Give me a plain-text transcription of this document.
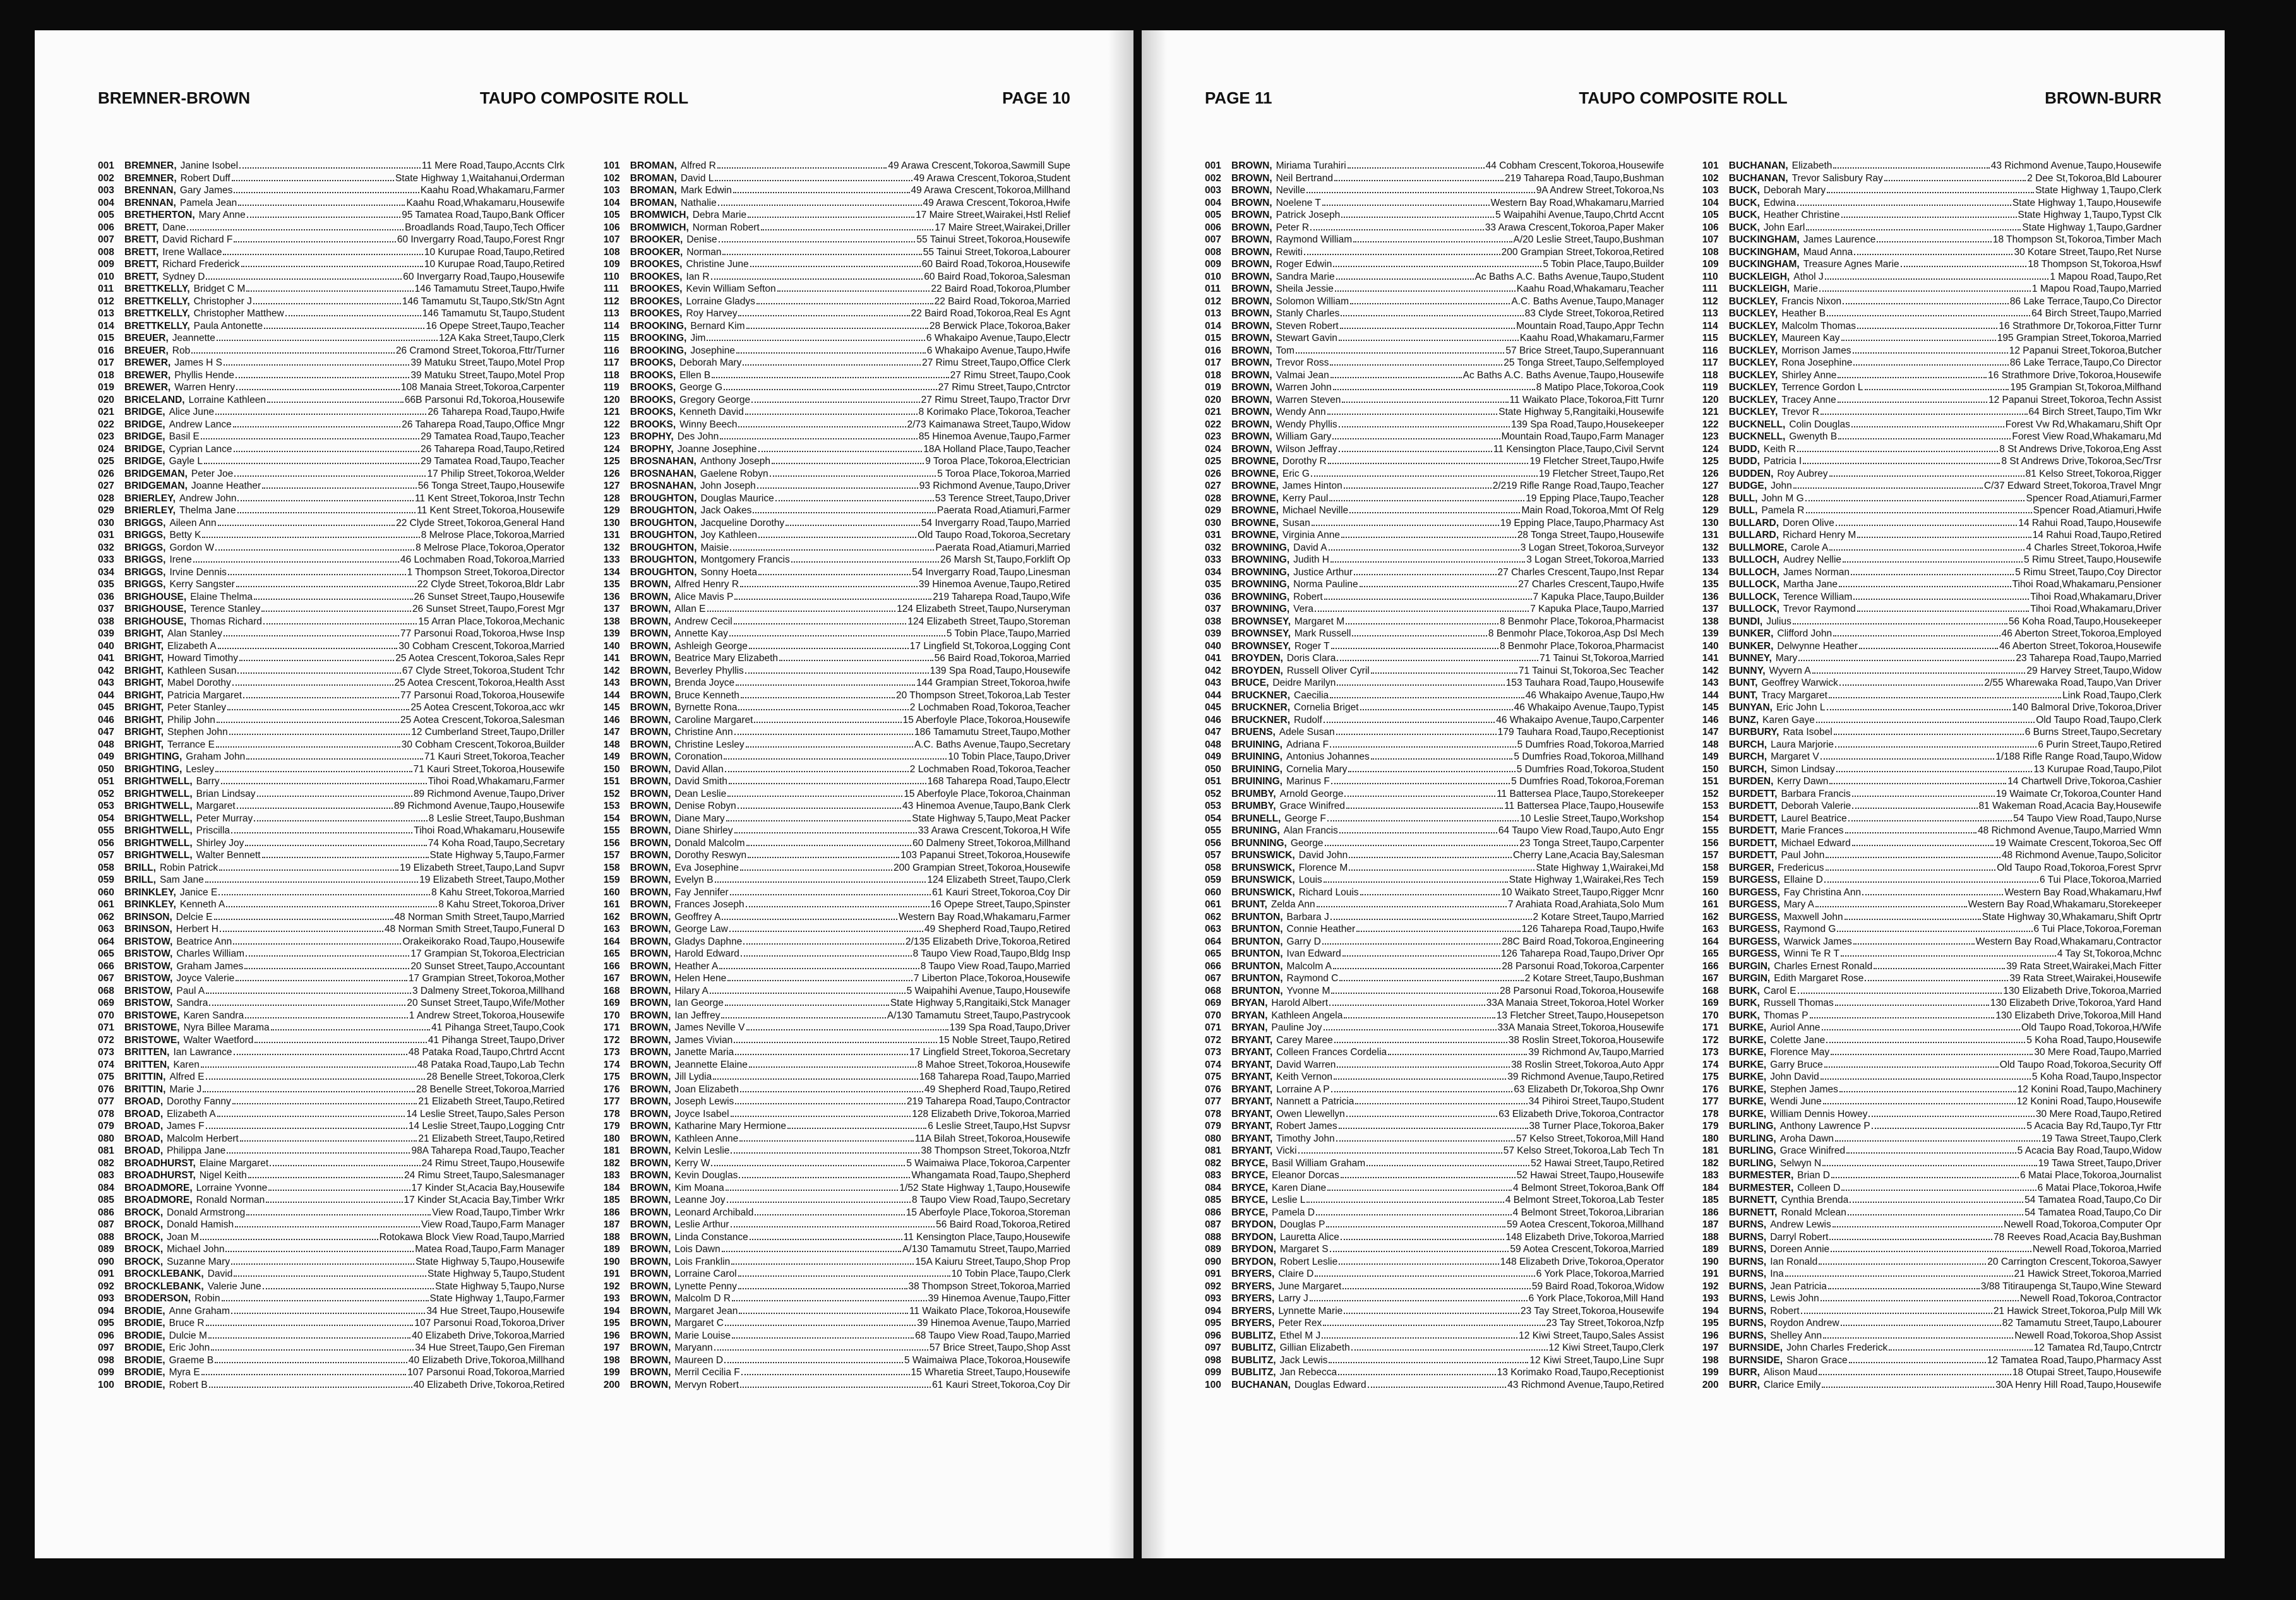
BREMNER-BROWN	TAUPO COMPOSITE ROLL	PAGE 10
001	BREMNER, Janine Isobel	11 Mere Road,Taupo,Accnts Clrk
002	BREMNER, Robert Duff	State Highway 1,Waitahanui,Orderman
003	BRENNAN, Gary James	Kaahu Road,Whakamaru,Farmer
004	BRENNAN, Pamela Jean	Kaahu Road,Whakamaru,Housewife
005	BRETHERTON, Mary Anne	95 Tamatea Road,Taupo,Bank Officer
006	BRETT, Dane	Broadlands Road,Taupo,Tech Officer
007	BRETT, David Richard F	60 Invergarry Road,Taupo,Forest Rngr
008	BRETT, Irene Wallace	10 Kurupae Road,Taupo,Retired
009	BRETT, Richard Frederick	10 Kurupae Road,Taupo,Retired
010	BRETT, Sydney D	60 Invergarry Road,Taupo,Housewife
011	BRETTKELLY, Bridget C M	146 Tamamutu Street,Taupo,Hwife
012	BRETTKELLY, Christopher J	146 Tamamutu St,Taupo,Stk/Stn Agnt
013	BRETTKELLY, Christopher Matthew	146 Tamamutu St,Taupo,Student
014	BRETTKELLY, Paula Antonette	16 Opepe Street,Taupo,Teacher
015	BREUER, Jeannette	12A Kaka Street,Taupo,Clerk
016	BREUER, Rob	26 Cramond Street,Tokoroa,Fttr/Turner
017	BREWER, James H S	39 Matuku Street,Taupo,Motel Prop
018	BREWER, Phyllis Hende	39 Matuku Street,Taupo,Motel Prop
019	BREWER, Warren Henry	108 Manaia Street,Tokoroa,Carpenter
020	BRICELAND, Lorraine Kathleen	66B Parsonui Rd,Tokoroa,Housewife
021	BRIDGE, Alice June	26 Taharepa Road,Taupo,Hwife
022	BRIDGE, Andrew Lance	26 Taharepa Road,Taupo,Office Mngr
023	BRIDGE, Basil E	29 Tamatea Road,Taupo,Teacher
024	BRIDGE, Cyprian Lance	26 Taharepa Road,Taupo,Retired
025	BRIDGE, Gayle L	29 Tamatea Road,Taupo,Teacher
026	BRIDGEMAN, Peter Joe	17 Philip Street,Tokoroa,Welder
027	BRIDGEMAN, Joanne Heather	56 Tonga Street,Taupo,Housewife
028	BRIERLEY, Andrew John	11 Kent Street,Tokoroa,Instr Techn
029	BRIERLEY, Thelma Jane	11 Kent Street,Tokoroa,Housewife
030	BRIGGS, Aileen Ann	22 Clyde Street,Tokoroa,General Hand
031	BRIGGS, Betty K	8 Melrose Place,Tokoroa,Married
032	BRIGGS, Gordon W	8 Melrose Place,Tokoroa,Operator
033	BRIGGS, Irene	46 Lochmaben Road,Tokoroa,Married
034	BRIGGS, Irvine Dennis	1 Thompson Street,Tokoroa,Director
035	BRIGGS, Kerry Sangster	22 Clyde Street,Tokoroa,Bldr Labr
036	BRIGHOUSE, Elaine Thelma	26 Sunset Street,Taupo,Housewife
037	BRIGHOUSE, Terence Stanley	26 Sunset Street,Taupo,Forest Mgr
038	BRIGHOUSE, Thomas Richard	15 Arran Place,Tokoroa,Mechanic
039	BRIGHT, Alan Stanley	77 Parsonui Road,Tokoroa,Hwse Insp
040	BRIGHT, Elizabeth A	30 Cobham Crescent,Tokoroa,Married
041	BRIGHT, Howard Timothy	25 Aotea Crescent,Tokoroa,Sales Repr
042	BRIGHT, Kathleen Susan	67 Clyde Street,Tokoroa,Student Tchr
043	BRIGHT, Mabel Dorothy	25 Aotea Crescent,Tokoroa,Health Asst
044	BRIGHT, Patricia Margaret	77 Parsonui Road,Tokoroa,Housewife
045	BRIGHT, Peter Stanley	25 Aotea Crescent,Tokoroa,acc wkr
046	BRIGHT, Philip John	25 Aotea Crescent,Tokoroa,Salesman
047	BRIGHT, Stephen John	12 Cumberland Street,Taupo,Driller
048	BRIGHT, Terrance E	30 Cobham Crescent,Tokoroa,Builder
049	BRIGHTING, Graham John	71 Kauri Street,Tokoroa,Teacher
050	BRIGHTING, Lesley	71 Kauri Street,Tokoroa,Housewife
051	BRIGHTWELL, Barry	Tihoi Road,Whakamaru,Farmer
052	BRIGHTWELL, Brian Lindsay	89 Richmond Avenue,Taupo,Driver
053	BRIGHTWELL, Margaret	89 Richmond Avenue,Taupo,Housewife
054	BRIGHTWELL, Peter Murray	8 Leslie Street,Taupo,Bushman
055	BRIGHTWELL, Priscilla	Tihoi Road,Whakamaru,Housewife
056	BRIGHTWELL, Shirley Joy	74 Koha Road,Taupo,Secretary
057	BRIGHTWELL, Walter Bennett	State Highway 5,Taupo,Farmer
058	BRILL, Robin Patrick	19 Elizabeth Street,Taupo,Land Supvr
059	BRILL, Sam Jane	19 Elizabeth Street,Taupo,Mother
060	BRINKLEY, Janice E	8 Kahu Street,Tokoroa,Married
061	BRINKLEY, Kenneth A	8 Kahu Street,Tokoroa,Driver
062	BRINSON, Delcie E	48 Norman Smith Street,Taupo,Married
063	BRINSON, Herbert H	48 Norman Smith Street,Taupo,Funeral D
064	BRISTOW, Beatrice Ann	Orakeikorako Road,Taupo,Housewife
065	BRISTOW, Charles William	17 Grampian St,Tokoroa,Electrician
066	BRISTOW, Graham James	20 Sunset Street,Taupo,Accountant
067	BRISTOW, Joyce Valerie	17 Grampian Street,Tokoroa,Mother
068	BRISTOW, Paul A	3 Dalmeny Street,Tokoroa,Millhand
069	BRISTOW, Sandra	20 Sunset Street,Taupo,Wife/Mother
070	BRISTOWE, Karen Sandra	1 Andrew Street,Tokoroa,Housewife
071	BRISTOWE, Nyra Billee Marama	41 Pihanga Street,Taupo,Cook
072	BRISTOWE, Walter Waetford	41 Pihanga Street,Taupo,Driver
073	BRITTEN, Ian Lawrance	48 Pataka Road,Taupo,Chrtrd Accnt
074	BRITTEN, Karen	48 Pataka Road,Taupo,Lab Techn
075	BRITTIN, Alfred E	28 Benelle Street,Tokoroa,Clerk
076	BRITTIN, Marie J	28 Benelle Street,Tokoroa,Married
077	BROAD, Dorothy Fanny	21 Elizabeth Street,Taupo,Retired
078	BROAD, Elizabeth A	14 Leslie Street,Taupo,Sales Person
079	BROAD, James F	14 Leslie Street,Taupo,Logging Cntr
080	BROAD, Malcolm Herbert	21 Elizabeth Street,Taupo,Retired
081	BROAD, Philippa Jane	98A Taharepa Road,Taupo,Teacher
082	BROADHURST, Elaine Margaret	24 Rimu Street,Taupo,Housewife
083	BROADHURST, Nigel Keith	24 Rimu Street,Taupo,Salesmanager
084	BROADMORE, Lorraine Yvonne	17 Kinder St,Acacia Bay,Housewife
085	BROADMORE, Ronald Norman	17 Kinder St,Acacia Bay,Timber Wrkr
086	BROCK, Donald Armstrong	View Road,Taupo,Timber Wrkr
087	BROCK, Donald Hamish	View Road,Taupo,Farm Manager
088	BROCK, Joan M	Rotokawa Block View Road,Taupo,Married
089	BROCK, Michael John	Matea Road,Taupo,Farm Manager
090	BROCK, Suzanne Mary	State Highway 5,Taupo,Housewife
091	BROCKLEBANK, David	State Highway 5,Taupo,Student
092	BROCKLEBANK, Valerie June	State Highway 5,Taupo,Nurse
093	BRODERSON, Robin	State Highway 1,Taupo,Farmer
094	BRODIE, Anne Graham	34 Hue Street,Taupo,Housewife
095	BRODIE, Bruce R	107 Parsonui Road,Tokoroa,Driver
096	BRODIE, Dulcie M	40 Elizabeth Drive,Tokoroa,Married
097	BRODIE, Eric John	34 Hue Street,Taupo,Gen Fireman
098	BRODIE, Graeme B	40 Elizabeth Drive,Tokoroa,Millhand
099	BRODIE, Myra E	107 Parsonui Road,Tokoroa,Married
100	BRODIE, Robert B	40 Elizabeth Drive,Tokoroa,Retired
101	BROMAN, Alfred R	49 Arawa Crescent,Tokoroa,Sawmill Supe
102	BROMAN, David L	49 Arawa Crescent,Tokoroa,Student
103	BROMAN, Mark Edwin	49 Arawa Crescent,Tokoroa,Millhand
104	BROMAN, Nathalie	49 Arawa Crescent,Tokoroa,Hwife
105	BROMWICH, Debra Marie	17 Maire Street,Wairakei,Hstl Relief
106	BROMWICH, Norman Robert	17 Maire Street,Wairakei,Driller
107	BROOKER, Denise	55 Tainui Street,Tokoroa,Housewife
108	BROOKER, Norman	55 Tainui Street,Tokoroa,Labourer
109	BROOKES, Christine June	60 Baird Road,Tokoroa,Housewife
110	BROOKES, Ian R	60 Baird Road,Tokoroa,Salesman
111	BROOKES, Kevin William Sefton	22 Baird Road,Tokoroa,Plumber
112	BROOKES, Lorraine Gladys	22 Baird Road,Tokoroa,Married
113	BROOKES, Roy Harvey	22 Baird Road,Tokoroa,Real Es Agnt
114	BROOKING, Bernard Kim	28 Berwick Place,Tokoroa,Baker
115	BROOKING, Jim	6 Whakaipo Avenue,Taupo,Electr
116	BROOKING, Josephine	6 Whakaipo Avenue,Taupo,Hwife
117	BROOKS, Deborah Mary	27 Rimu Street,Taupo,Office Clerk
118	BROOKS, Ellen B	27 Rimu Street,Taupo,Cook
119	BROOKS, George G	27 Rimu Street,Taupo,Cntrctor
120	BROOKS, Gregory George	27 Rimu Street,Taupo,Tractor Drvr
121	BROOKS, Kenneth David	8 Korimako Place,Tokoroa,Teacher
122	BROOKS, Winny Beech	2/73 Kaimanawa Street,Taupo,Widow
123	BROPHY, Des John	85 Hinemoa Avenue,Taupo,Farmer
124	BROPHY, Joanne Josephine	18A Holland Place,Taupo,Teacher
125	BROSNAHAN, Anthony Joseph	9 Toroa Place,Tokoroa,Electrician
126	BROSNAHAN, Gaelene Robyn	5 Toroa Place,Tokoroa,Married
127	BROSNAHAN, John Joseph	93 Richmond Avenue,Taupo,Driver
128	BROUGHTON, Douglas Maurice	53 Terence Street,Taupo,Driver
129	BROUGHTON, Jack Oakes	Paerata Road,Atiamuri,Farmer
130	BROUGHTON, Jacqueline Dorothy	54 Invergarry Road,Taupo,Married
131	BROUGHTON, Joy Kathleen	Old Taupo Road,Tokoroa,Secretary
132	BROUGHTON, Maisie	Paerata Road,Atiamuri,Married
133	BROUGHTON, Montgomery Francis	26 Marsh St,Taupo,Forklift Op
134	BROUGHTON, Sonny Hoeta	54 Invergarry Road,Taupo,Linesman
135	BROWN, Alfred Henry R	39 Hinemoa Avenue,Taupo,Retired
136	BROWN, Alice Mavis P	219 Taharepa Road,Taupo,Wife
137	BROWN, Allan E	124 Elizabeth Street,Taupo,Nurseryman
138	BROWN, Andrew Cecil	124 Elizabeth Street,Taupo,Storeman
139	BROWN, Annette Kay	5 Tobin Place,Taupo,Married
140	BROWN, Ashleigh George	17 Lingfield St,Tokoroa,Logging Cont
141	BROWN, Beatrice Mary Elizabeth	56 Baird Road,Tokoroa,Married
142	BROWN, Beverley Phyllis	139 Spa Road,Taupo,Housewife
143	BROWN, Brenda Joyce	144 Grampian Street,Tokoroa,hwife
144	BROWN, Bruce Kenneth	20 Thompson Street,Tokoroa,Lab Tester
145	BROWN, Byrnette Rona	2 Lochmaben Road,Tokoroa,Teacher
146	BROWN, Caroline Margaret	15 Aberfoyle Place,Tokoroa,Housewife
147	BROWN, Christine Ann	186 Tamamutu Street,Taupo,Mother
148	BROWN, Christine Lesley	A.C. Baths Avenue,Taupo,Secretary
149	BROWN, Coronation	10 Tobin Place,Taupo,Driver
150	BROWN, David Allan	2 Lochmaben Road,Tokoroa,Teacher
151	BROWN, David Smith	168 Taharepa Road,Taupo,Electr
152	BROWN, Dean Leslie	15 Aberfoyle Place,Tokoroa,Chainman
153	BROWN, Denise Robyn	43 Hinemoa Avenue,Taupo,Bank Clerk
154	BROWN, Diane Mary	State Highway 5,Taupo,Meat Packer
155	BROWN, Diane Shirley	33 Arawa Crescent,Tokoroa,H Wife
156	BROWN, Donald Malcolm	60 Dalmeny Street,Tokoroa,Millhand
157	BROWN, Dorothy Reswyn	103 Papanui Street,Tokoroa,Housewife
158	BROWN, Eva Josephine	200 Grampian Street,Tokoroa,Housewife
159	BROWN, Evelyn B	124 Elizabeth Street,Taupo,Clerk
160	BROWN, Fay Jennifer	61 Kauri Street,Tokoroa,Coy Dir
161	BROWN, Frances Joseph	16 Opepe Street,Taupo,Spinster
162	BROWN, Geoffrey A	Western Bay Road,Whakamaru,Farmer
163	BROWN, George Law	49 Shepherd Road,Taupo,Retired
164	BROWN, Gladys Daphne	2/135 Elizabeth Drive,Tokoroa,Retired
165	BROWN, Harold Edward	8 Taupo View Road,Taupo,Bldg Insp
166	BROWN, Heather A	8 Taupo View Road,Taupo,Married
167	BROWN, Helen Hene	7 Liberton Place,Tokoroa,Housewife
168	BROWN, Hilary A	5 Waipahihi Avenue,Taupo,Housewife
169	BROWN, Ian George	State Highway 5,Rangitaiki,Stck Manager
170	BROWN, Ian Jeffrey	A/130 Tamamutu Street,Taupo,Pastrycook
171	BROWN, James Neville V	139 Spa Road,Taupo,Driver
172	BROWN, James Vivian	15 Noble Street,Taupo,Retired
173	BROWN, Janette Maria	17 Lingfield Street,Tokoroa,Secretary
174	BROWN, Jeannette Elaine	8 Mahoe Street,Tokoroa,Housewife
175	BROWN, Jill Lydia	168 Taharepa Road,Taupo,Married
176	BROWN, Joan Elizabeth	49 Shepherd Road,Taupo,Retired
177	BROWN, Joseph Lewis	219 Taharepa Road,Taupo,Contractor
178	BROWN, Joyce Isabel	128 Elizabeth Drive,Tokoroa,Married
179	BROWN, Katharine Mary Hermione	6 Leslie Street,Taupo,Hst Supvsr
180	BROWN, Kathleen Anne	11A Bilah Street,Tokoroa,Housewife
181	BROWN, Kelvin Leslie	38 Thompson Street,Tokoroa,Ntzfr
182	BROWN, Kerry W	5 Waimaiwa Place,Tokoroa,Carpenter
183	BROWN, Kevin Douglas	Whangamata Road,Taupo,Shepherd
184	BROWN, Kim Moana	1/52 State Highway 1,Taupo,Housewife
185	BROWN, Leanne Joy	8 Taupo View Road,Taupo,Secretary
186	BROWN, Leonard Archibald	15 Aberfoyle Place,Tokoroa,Storeman
187	BROWN, Leslie Arthur	56 Baird Road,Tokoroa,Retired
188	BROWN, Linda Constance	11 Kensington Place,Taupo,Housewife
189	BROWN, Lois Dawn	A/130 Tamamutu Street,Taupo,Married
190	BROWN, Lois Franklin	15A Kaiuru Street,Taupo,Shop Prop
191	BROWN, Lorraine Carol	10 Tobin Place,Taupo,Clerk
192	BROWN, Lynette Penny	38 Thompson Street,Tokoroa,Married
193	BROWN, Malcolm D R	39 Hinemoa Avenue,Taupo,Fitter
194	BROWN, Margaret Jean	11 Waikato Place,Tokoroa,Housewife
195	BROWN, Margaret C	39 Hinemoa Avenue,Taupo,Married
196	BROWN, Marie Louise	68 Taupo View Road,Taupo,Married
197	BROWN, Maryann	57 Brice Street,Taupo,Shop Asst
198	BROWN, Maureen D	5 Waimaiwa Place,Tokoroa,Housewife
199	BROWN, Merril Cecilia F	15 Wharetia Street,Taupo,Housewife
200	BROWN, Mervyn Robert	61 Kauri Street,Tokoroa,Coy Dir
PAGE 11	TAUPO COMPOSITE ROLL	BROWN-BURR
001	BROWN, Miriama Turahiri	44 Cobham Crescent,Tokoroa,Housewife
002	BROWN, Neil Bertrand	219 Taharepa Road,Taupo,Bushman
003	BROWN, Neville	9A Andrew Street,Tokoroa,Ns
004	BROWN, Noelene T	Western Bay Road,Whakamaru,Married
005	BROWN, Patrick Joseph	5 Waipahihi Avenue,Taupo,Chrtd Accnt
006	BROWN, Peter R	33 Arawa Crescent,Tokoroa,Paper Maker
007	BROWN, Raymond William	A/20 Leslie Street,Taupo,Bushman
008	BROWN, Rewiti	200 Grampian Street,Tokoroa,Retired
009	BROWN, Roger Edwin	5 Tobin Place,Taupo,Builder
010	BROWN, Sandra Marie	Ac Baths A.C. Baths Avenue,Taupo,Student
011	BROWN, Sheila Jessie	Kaahu Road,Whakamaru,Teacher
012	BROWN, Solomon William	A.C. Baths Avenue,Taupo,Manager
013	BROWN, Stanly Charles	83 Clyde Street,Tokoroa,Retired
014	BROWN, Steven Robert	Mountain Road,Taupo,Appr Techn
015	BROWN, Stewart Gavin	Kaahu Road,Whakamaru,Farmer
016	BROWN, Tom	57 Brice Street,Taupo,Superannuant
017	BROWN, Trevor Ross	25 Tonga Street,Taupo,Selfemployed
018	BROWN, Valmai Jean	Ac Baths A.C. Baths Avenue,Taupo,Housewife
019	BROWN, Warren John	8 Matipo Place,Tokoroa,Cook
020	BROWN, Warren Steven	11 Waikato Place,Tokoroa,Fitt Turnr
021	BROWN, Wendy Ann	State Highway 5,Rangitaiki,Housewife
022	BROWN, Wendy Phyllis	139 Spa Road,Taupo,Housekeeper
023	BROWN, William Gary	Mountain Road,Taupo,Farm Manager
024	BROWN, Wilson Jeffray	11 Kensington Place,Taupo,Civil Servnt
025	BROWNE, Dorothy R	19 Fletcher Street,Taupo,Hwife
026	BROWNE, Eric G	19 Fletcher Street,Taupo,Ret
027	BROWNE, James Hinton	2/219 Rifle Range Road,Taupo,Teacher
028	BROWNE, Kerry Paul	19 Epping Place,Taupo,Teacher
029	BROWNE, Michael Neville	Main Road,Tokoroa,Mmt Of Relg
030	BROWNE, Susan	19 Epping Place,Taupo,Pharmacy Ast
031	BROWNE, Virginia Anne	28 Tonga Street,Taupo,Housewife
032	BROWNING, David A	3 Logan Street,Tokoroa,Surveyor
033	BROWNING, Judith H	3 Logan Street,Tokoroa,Married
034	BROWNING, Justice Arthur	27 Charles Crescent,Taupo,Inst Repar
035	BROWNING, Norma Pauline	27 Charles Crescent,Taupo,Hwife
036	BROWNING, Robert	7 Kapuka Place,Taupo,Builder
037	BROWNING, Vera	7 Kapuka Place,Taupo,Married
038	BROWNSEY, Margaret M	8 Benmohr Place,Tokoroa,Pharmacist
039	BROWNSEY, Mark Russell	8 Benmohr Place,Tokoroa,Asp Dsl Mech
040	BROWNSEY, Roger T	8 Benmohr Place,Tokoroa,Pharmacist
041	BROYDEN, Doris Clara	71 Tainui St,Tokoroa,Married
042	BROYDEN, Russell Oliver Cyril	71 Tainui St,Tokoroa,Sec Teacher
043	BRUCE, Deidre Marilyn	153 Tauhara Road,Taupo,Housewife
044	BRUCKNER, Caecilia	46 Whakaipo Avenue,Taupo,Hw
045	BRUCKNER, Cornelia Briget	46 Whakaipo Avenue,Taupo,Typist
046	BRUCKNER, Rudolf	46 Whakaipo Avenue,Taupo,Carpenter
047	BRUENS, Adele Susan	179 Tauhara Road,Taupo,Receptionist
048	BRUINING, Adriana F	5 Dumfries Road,Tokoroa,Married
049	BRUINING, Antonius Johannes	5 Dumfries Road,Tokoroa,Millhand
050	BRUINING, Cornelia Mary	5 Dumfries Road,Tokoroa,Student
051	BRUINING, Marinus F	5 Dumfries Road,Tokoroa,Foreman
052	BRUMBY, Arnold George	11 Battersea Place,Taupo,Storekeeper
053	BRUMBY, Grace Winifred	11 Battersea Place,Taupo,Housewife
054	BRUNELL, George F	10 Leslie Street,Taupo,Workshop
055	BRUNING, Alan Francis	64 Taupo View Road,Taupo,Auto Engr
056	BRUNNING, George	23 Tonga Street,Taupo,Carpenter
057	BRUNSWICK, David John	Cherry Lane,Acacia Bay,Salesman
058	BRUNSWICK, Florence M	State Highway 1,Wairakei,Md
059	BRUNSWICK, Louis	State Highway 1,Wairakei,Res Tech
060	BRUNSWICK, Richard Louis	10 Waikato Street,Taupo,Rigger Mcnr
061	BRUNT, Zelda Ann	7 Arahiata Road,Arahiata,Solo Mum
062	BRUNTON, Barbara J	2 Kotare Street,Taupo,Married
063	BRUNTON, Connie Heather	126 Taharepa Road,Taupo,Hwife
064	BRUNTON, Garry D	28C Baird Road,Tokoroa,Engineering
065	BRUNTON, Ivan Edward	126 Taharepa Road,Taupo,Driver Opr
066	BRUNTON, Malcolm A	28 Parsonui Road,Tokoroa,Carpenter
067	BRUNTON, Raymond C	2 Kotare Street,Taupo,Bushman
068	BRUNTON, Yvonne M	28 Parsonui Road,Tokoroa,Housewife
069	BRYAN, Harold Albert	33A Manaia Street,Tokoroa,Hotel Worker
070	BRYAN, Kathleen Angela	13 Fletcher Street,Taupo,Housepetson
071	BRYAN, Pauline Joy	33A Manaia Street,Tokoroa,Housewife
072	BRYANT, Carey Maree	38 Roslin Street,Tokoroa,Housewife
073	BRYANT, Colleen Frances Cordelia	39 Richmond Av,Taupo,Married
074	BRYANT, David Warren	38 Roslin Street,Tokoroa,Auto Appr
075	BRYANT, Keith Vernon	39 Richmond Avenue,Taupo,Retired
076	BRYANT, Lorraine A P	63 Elizabeth Dr,Tokoroa,Shp Ownr
077	BRYANT, Nannett a Patricia	34 Pihiroi Street,Taupo,Student
078	BRYANT, Owen Llewellyn	63 Elizabeth Drive,Tokoroa,Contractor
079	BRYANT, Robert James	38 Turner Place,Tokoroa,Baker
080	BRYANT, Timothy John	57 Kelso Street,Tokoroa,Mill Hand
081	BRYANT, Vicki	57 Kelso Street,Tokoroa,Lab Tech Tn
082	BRYCE, Basil William Graham	52 Hawai Street,Taupo,Retired
083	BRYCE, Eleanor Dorcas	52 Hawai Street,Taupo,Housewife
084	BRYCE, Karen Diane	4 Belmont Street,Tokoroa,Bank Off
085	BRYCE, Leslie L	4 Belmont Street,Tokoroa,Lab Tester
086	BRYCE, Pamela D	4 Belmont Street,Tokoroa,Librarian
087	BRYDON, Douglas P	59 Aotea Crescent,Tokoroa,Millhand
088	BRYDON, Lauretta Alice	148 Elizabeth Drive,Tokoroa,Married
089	BRYDON, Margaret S	59 Aotea Crescent,Tokoroa,Married
090	BRYDON, Robert Leslie	148 Elizabeth Drive,Tokoroa,Operator
091	BRYERS, Claire D	6 York Place,Tokoroa,Married
092	BRYERS, June Margaret	59 Baird Road,Tokoroa,Widow
093	BRYERS, Larry J	6 York Place,Tokoroa,Mill Hand
094	BRYERS, Lynnette Marie	23 Tay Street,Tokoroa,Housewife
095	BRYERS, Peter Rex	23 Tay Street,Tokoroa,Nzfp
096	BUBLITZ, Ethel M J	12 Kiwi Street,Taupo,Sales Assist
097	BUBLITZ, Gillian Elizabeth	12 Kiwi Street,Taupo,Clerk
098	BUBLITZ, Jack Lewis	12 Kiwi Street,Taupo,Line Supr
099	BUBLITZ, Jan Rebecca	13 Korimako Road,Taupo,Receptionist
100	BUCHANAN, Douglas Edward	43 Richmond Avenue,Taupo,Retired
101	BUCHANAN, Elizabeth	43 Richmond Avenue,Taupo,Housewife
102	BUCHANAN, Trevor Salisbury Ray	2 Dee St,Tokoroa,Bld Labourer
103	BUCK, Deborah Mary	State Highway 1,Taupo,Clerk
104	BUCK, Edwina	State Highway 1,Taupo,Housewife
105	BUCK, Heather Christine	State Highway 1,Taupo,Typst Clk
106	BUCK, John Earl	State Highway 1,Taupo,Gardner
107	BUCKINGHAM, James Laurence	18 Thompson St,Tokoroa,Timber Mach
108	BUCKINGHAM, Maud Anna	30 Kotare Street,Taupo,Ret Nurse
109	BUCKINGHAM, Treasure Agnes Marie	18 Thompson St,Tokoroa,Hswf
110	BUCKLEIGH, Athol J	1 Mapou Road,Taupo,Ret
111	BUCKLEIGH, Marie	1 Mapou Road,Taupo,Married
112	BUCKLEY, Francis Nixon	86 Lake Terrace,Taupo,Co Director
113	BUCKLEY, Heather B	64 Birch Street,Taupo,Married
114	BUCKLEY, Malcolm Thomas	16 Strathmore Dr,Tokoroa,Fitter Turnr
115	BUCKLEY, Maureen Kay	195 Grampian Street,Tokoroa,Married
116	BUCKLEY, Morrison James	12 Papanui Street,Tokoroa,Butcher
117	BUCKLEY, Rona Josephine	86 Lake Terrace,Taupo,Co Director
118	BUCKLEY, Shirley Anne	16 Strathmore Drive,Tokoroa,Housewife
119	BUCKLEY, Terrence Gordon L	195 Grampian St,Tokoroa,Milfhand
120	BUCKLEY, Tracey Anne	12 Papanui Street,Tokoroa,Techn Assist
121	BUCKLEY, Trevor R	64 Birch Street,Taupo,Tim Wkr
122	BUCKNELL, Colin Douglas	Forest Vw Rd,Whakamaru,Shift Opr
123	BUCKNELL, Gwenyth B	Forest View Road,Whakamaru,Md
124	BUDD, Keith R	8 St Andrews Drive,Tokoroa,Eng Asst
125	BUDD, Patricia I	8 St Andrews Drive,Tokoroa,Sec/Trsr
126	BUDDEN, Roy Aubrey	81 Kelso Street,Tokoroa,Rigger
127	BUDGE, John	C/37 Edward Street,Tokoroa,Travel Mngr
128	BULL, John M G	Spencer Road,Atiamuri,Farmer
129	BULL, Pamela R	Spencer Road,Atiamuri,Hwife
130	BULLARD, Doren Olive	14 Rahui Road,Taupo,Housewife
131	BULLARD, Richard Henry M	14 Rahui Road,Taupo,Retired
132	BULLMORE, Carole A	4 Charles Street,Tokoroa,Hwife
133	BULLOCH, Audrey Nellie	5 Rimu Street,Taupo,Housewife
134	BULLOCH, James Norman	5 Rimu Street,Taupo,Coy Director
135	BULLOCK, Martha Jane	Tihoi Road,Whakamaru,Pensioner
136	BULLOCK, Terence William	Tihoi Road,Whakamaru,Driver
137	BULLOCK, Trevor Raymond	Tihoi Road,Whakamaru,Driver
138	BUNDI, Julius	56 Koha Road,Taupo,Housekeeper
139	BUNKER, Clifford John	46 Aberton Street,Tokoroa,Employed
140	BUNKER, Delwynne Heather	46 Aberton Street,Tokoroa,Housewife
141	BUNNEY, Mary	23 Taharepa Road,Taupo,Married
142	BUNNY, Wyvern A	29 Harvey Street,Taupo,Widow
143	BUNT, Geoffrey Warwick	2/55 Wharewaka Road,Taupo,Van Driver
144	BUNT, Tracy Margaret	Link Road,Taupo,Clerk
145	BUNYAN, Eric John L	140 Balmoral Drive,Tokoroa,Driver
146	BUNZ, Karen Gaye	Old Taupo Road,Taupo,Clerk
147	BURBURY, Rata Isobel	6 Burns Street,Taupo,Secretary
148	BURCH, Laura Marjorie	6 Purin Street,Taupo,Retired
149	BURCH, Margaret V	1/188 Rifle Range Road,Taupo,Widow
150	BURCH, Simon Lindsay	13 Kurupae Road,Taupo,Pilot
151	BURDEN, Kerry Dawn	14 Chartwell Drive,Tokoroa,Cashier
152	BURDETT, Barbara Francis	19 Waimate Cr,Tokoroa,Counter Hand
153	BURDETT, Deborah Valerie	81 Wakeman Road,Acacia Bay,Housewife
154	BURDETT, Laurel Beatrice	54 Taupo View Road,Taupo,Nurse
155	BURDETT, Marie Frances	48 Richmond Avenue,Taupo,Married Wmn
156	BURDETT, Michael Edward	19 Waimate Crescent,Tokoroa,Sec Off
157	BURDETT, Paul John	48 Richmond Avenue,Taupo,Solicitor
158	BURGER, Fredericus	Old Taupo Road,Tokoroa,Forest Sprvr
159	BURGESS, Ellaine D	6 Tui Place,Tokoroa,Married
160	BURGESS, Fay Christina Ann	Western Bay Road,Whakamaru,Hwf
161	BURGESS, Mary A	Western Bay Road,Whakamaru,Storekeeper
162	BURGESS, Maxwell John	State Highway 30,Whakamaru,Shift Oprtr
163	BURGESS, Raymond G	6 Tui Place,Tokoroa,Foreman
164	BURGESS, Warwick James	Western Bay Road,Whakamaru,Contractor
165	BURGESS, Winni Te R T	4 Tay St,Tokoroa,Mchnc
166	BURGIN, Charles Ernest Ronald	39 Rata Street,Wairakei,Mach Fitter
167	BURGIN, Edith Margaret Rose	39 Rata Street,Wairakei,Housewife
168	BURK, Carol E	130 Elizabeth Drive,Tokoroa,Married
169	BURK, Russell Thomas	130 Elizabeth Drive,Tokoroa,Yard Hand
170	BURK, Thomas P	130 Elizabeth Drive,Tokoroa,Mill Hand
171	BURKE, Auriol Anne	Old Taupo Road,Tokoroa,H/Wife
172	BURKE, Colette Jane	5 Koha Road,Taupo,Housewife
173	BURKE, Florence May	30 Mere Road,Taupo,Married
174	BURKE, Garry Bruce	Old Taupo Road,Tokoroa,Security Off
175	BURKE, John David	5 Koha Road,Taupo,Inspector
176	BURKE, Stephen James	12 Konini Road,Taupo,Machinery
177	BURKE, Wendi June	12 Konini Road,Taupo,Housewife
178	BURKE, William Dennis Howey	30 Mere Road,Taupo,Retired
179	BURLING, Anthony Lawrence P	5 Acacia Bay Rd,Taupo,Tyr Fttr
180	BURLING, Aroha Dawn	19 Tawa Street,Taupo,Clerk
181	BURLING, Grace Winifred	5 Acacia Bay Road,Taupo,Widow
182	BURLING, Selwyn N	19 Tawa Street,Taupo,Driver
183	BURMESTER, Brian D	6 Matai Place,Tokoroa,Journalist
184	BURMESTER, Colleen D	6 Matai Place,Tokoroa,Hwife
185	BURNETT, Cynthia Brenda	54 Tamatea Road,Taupo,Co Dir
186	BURNETT, Ronald Mclean	54 Tamatea Road,Taupo,Co Dir
187	BURNS, Andrew Lewis	Newell Road,Tokoroa,Computer Opr
188	BURNS, Darryl Robert	78 Reeves Road,Acacia Bay,Bushman
189	BURNS, Doreen Annie	Newell Road,Tokoroa,Married
190	BURNS, Ian Ronald	20 Carrington Crescent,Tokoroa,Sawyer
191	BURNS, Ina	21 Hawick Street,Tokoroa,Married
192	BURNS, Jean Patricia	3/88 Titiraupenga St,Taupo,Wine Steward
193	BURNS, Lewis John	Newell Road,Tokoroa,Contractor
194	BURNS, Robert	21 Hawick Street,Tokoroa,Pulp Mill Wk
195	BURNS, Roydon Andrew	82 Tamamutu Street,Taupo,Labourer
196	BURNS, Shelley Ann	Newell Road,Tokoroa,Shop Assist
197	BURNSIDE, John Charles Frederick	12 Tamatea Rd,Taupo,Cntrctr
198	BURNSIDE, Sharon Grace	12 Tamatea Road,Taupo,Pharmacy Asst
199	BURR, Alison Maud	18 Otupai Street,Taupo,Housewife
200	BURR, Clarice Emily	30A Henry Hill Road,Taupo,Housewife
